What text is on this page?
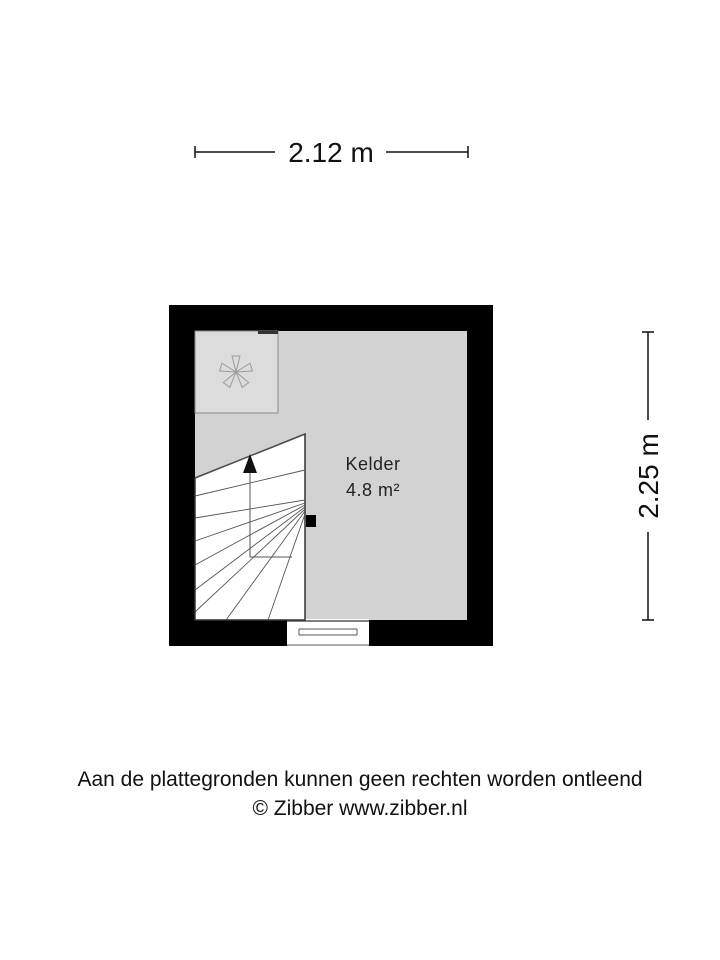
2.12 m
2.25 m
Kelder
4.8 m²
Aan de plattegronden kunnen geen rechten worden ontleend
© Zibber www.zibber.nl
